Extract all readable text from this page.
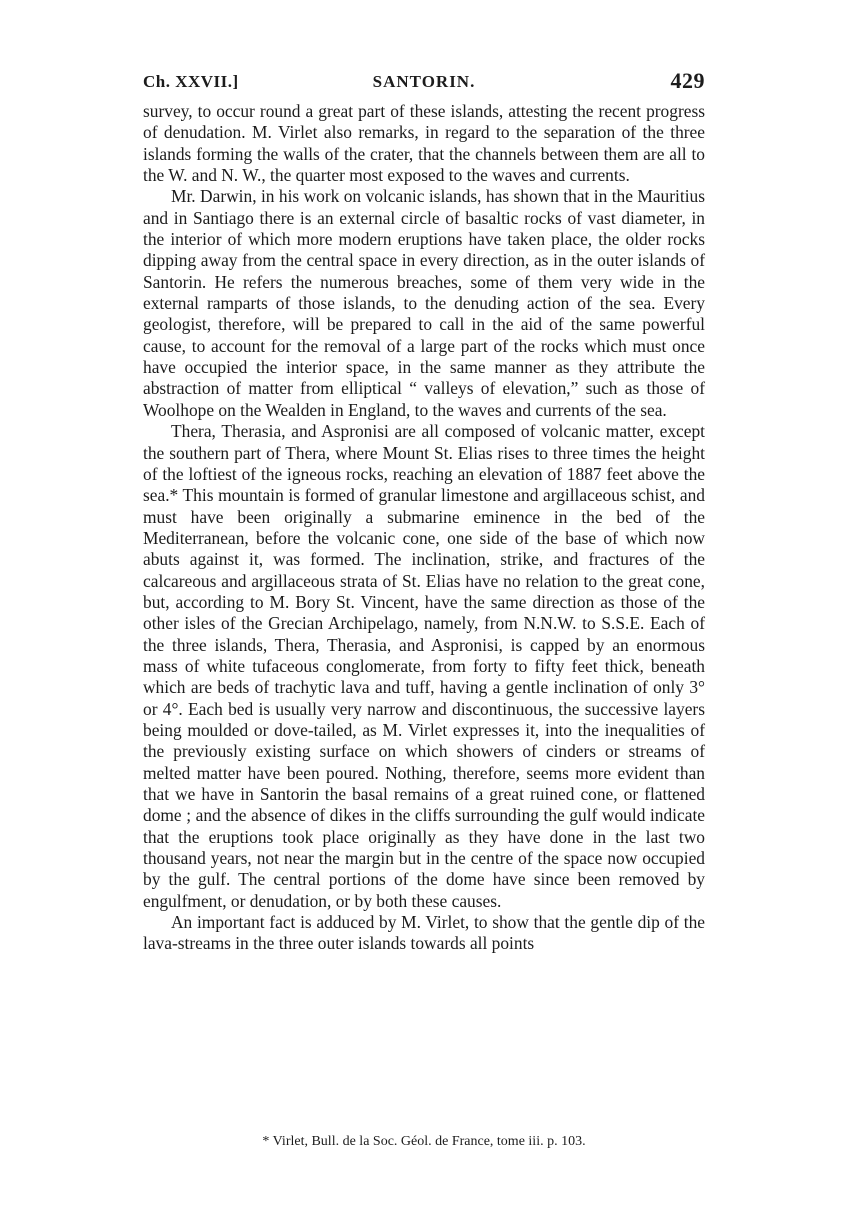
Ch. XXVII.]	SANTORIN.	429

survey, to occur round a great part of these islands, attesting the recent progress of denudation. M. Virlet also remarks, in regard to the separation of the three islands forming the walls of the crater, that the channels between them are all to the W. and N. W., the quarter most exposed to the waves and currents.

Mr. Darwin, in his work on volcanic islands, has shown that in the Mauritius and in Santiago there is an external circle of basaltic rocks of vast diameter, in the interior of which more modern eruptions have taken place, the older rocks dipping away from the central space in every direction, as in the outer islands of Santorin. He refers the numerous breaches, some of them very wide in the external ramparts of those islands, to the denuding action of the sea. Every geologist, therefore, will be prepared to call in the aid of the same powerful cause, to account for the removal of a large part of the rocks which must once have occupied the interior space, in the same manner as they attribute the abstraction of matter from elliptical “ valleys of elevation,” such as those of Woolhope on the Wealden in England, to the waves and currents of the sea.

Thera, Therasia, and Aspronisi are all composed of volcanic matter, except the southern part of Thera, where Mount St. Elias rises to three times the height of the loftiest of the igneous rocks, reaching an elevation of 1887 feet above the sea.* This mountain is formed of granular limestone and argillaceous schist, and must have been originally a submarine eminence in the bed of the Mediterranean, before the volcanic cone, one side of the base of which now abuts against it, was formed. The inclination, strike, and fractures of the calcareous and argillaceous strata of St. Elias have no relation to the great cone, but, according to M. Bory St. Vincent, have the same direction as those of the other isles of the Grecian Archipelago, namely, from N.N.W. to S.S.E. Each of the three islands, Thera, Therasia, and Aspronisi, is capped by an enormous mass of white tufaceous conglomerate, from forty to fifty feet thick, beneath which are beds of trachytic lava and tuff, having a gentle inclination of only 3° or 4°. Each bed is usually very narrow and discontinuous, the successive layers being moulded or dove-tailed, as M. Virlet expresses it, into the inequalities of the previously existing surface on which showers of cinders or streams of melted matter have been poured. Nothing, therefore, seems more evident than that we have in Santorin the basal remains of a great ruined cone, or flattened dome ; and the absence of dikes in the cliffs surrounding the gulf would indicate that the eruptions took place originally as they have done in the last two thousand years, not near the margin but in the centre of the space now occupied by the gulf. The central portions of the dome have since been removed by engulfment, or denudation, or by both these causes.

An important fact is adduced by M. Virlet, to show that the gentle dip of the lava-streams in the three outer islands towards all points

* Virlet, Bull. de la Soc. Géol. de France, tome iii. p. 103.
